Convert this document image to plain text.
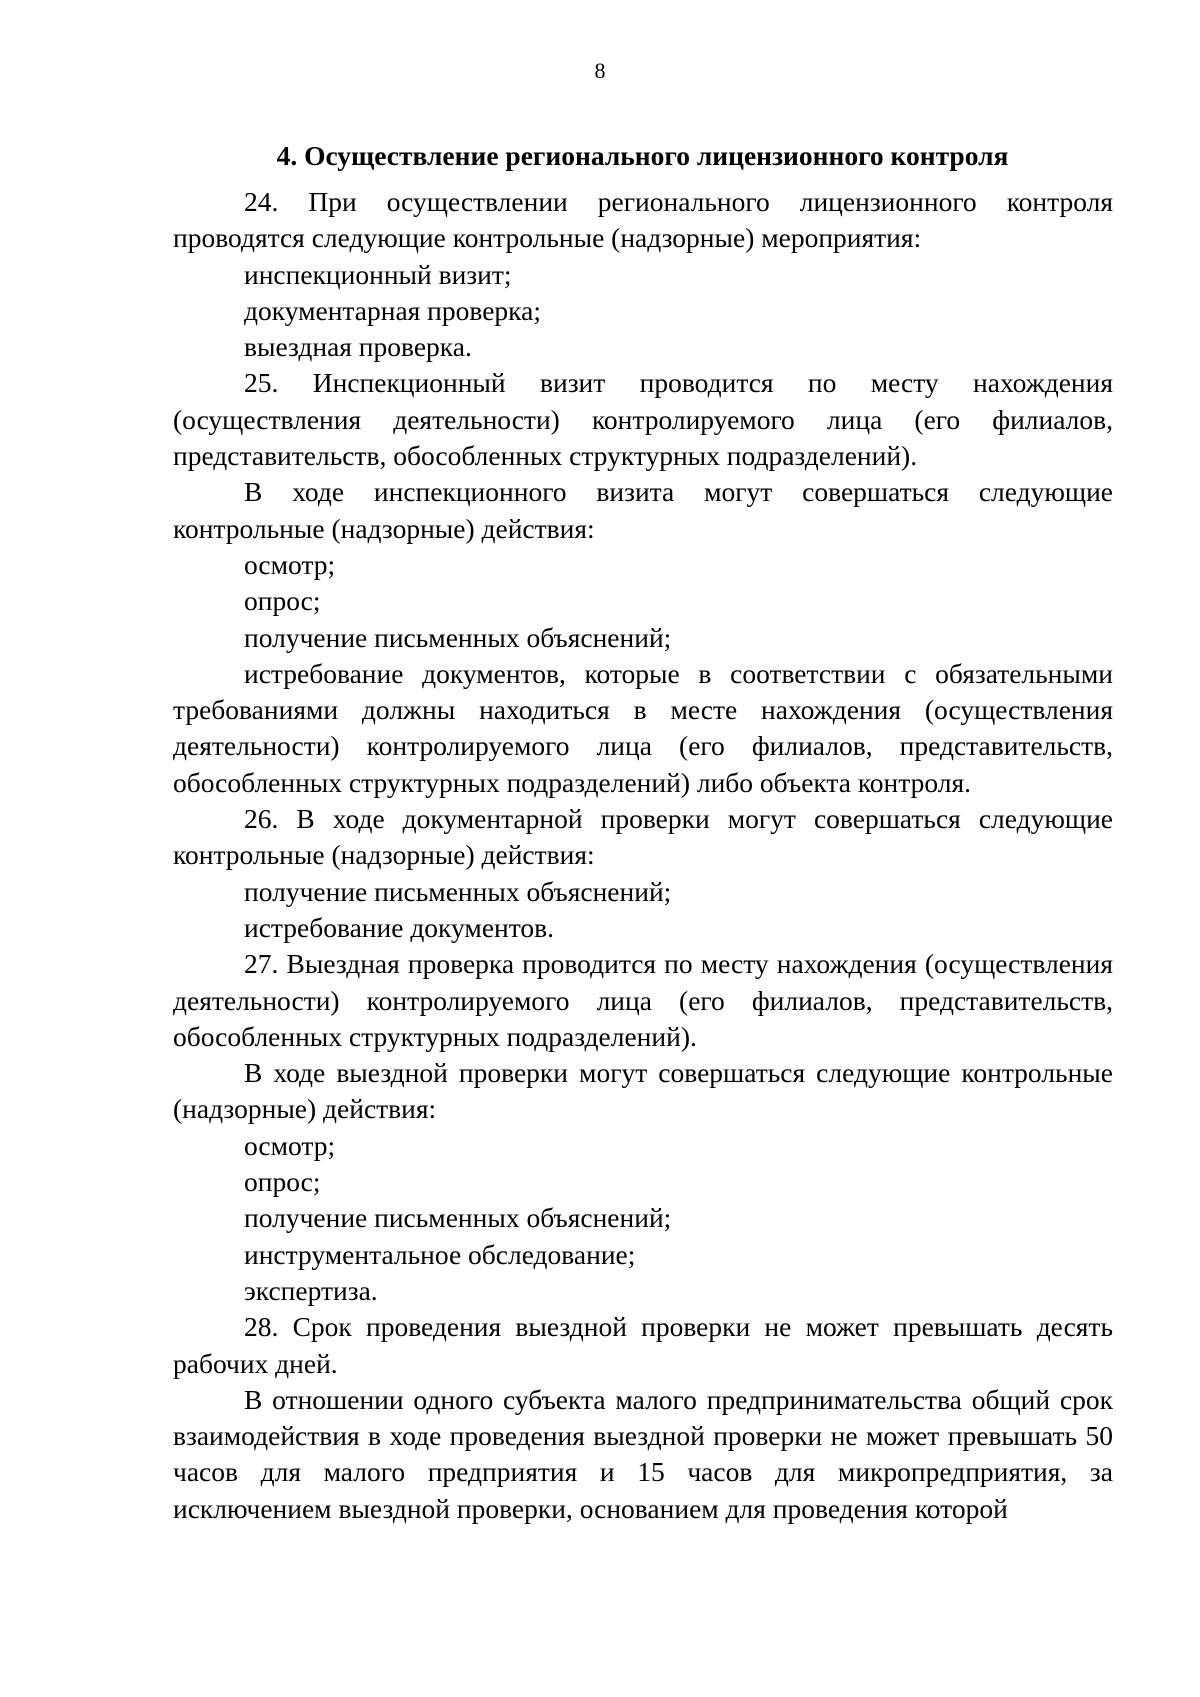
8
4. Осуществление регионального лицензионного контроля

24. При осуществлении регионального лицензионного контроля проводятся следующие контрольные (надзорные) мероприятия:

инспекционный визит;

документарная проверка;

выездная проверка.

25. Инспекционный визит проводится по месту нахождения (осуществления деятельности) контролируемого лица (его филиалов, представительств, обособленных структурных подразделений).

В ходе инспекционного визита могут совершаться следующие контрольные (надзорные) действия:

осмотр;

опрос;

получение письменных объяснений;

истребование документов, которые в соответствии с обязательными требованиями должны находиться в месте нахождения (осуществления деятельности) контролируемого лица (его филиалов, представительств, обособленных структурных подразделений) либо объекта контроля.

26. В ходе документарной проверки могут совершаться следующие контрольные (надзорные) действия:

получение письменных объяснений;

истребование документов.

27. Выездная проверка проводится по месту нахождения (осуществления деятельности) контролируемого лица (его филиалов, представительств, обособленных структурных подразделений).

В ходе выездной проверки могут совершаться следующие контрольные (надзорные) действия:

осмотр;

опрос;

получение письменных объяснений;

инструментальное обследование;

экспертиза.

28. Срок проведения выездной проверки не может превышать десять рабочих дней.

В отношении одного субъекта малого предпринимательства общий срок взаимодействия в ходе проведения выездной проверки не может превышать 50 часов для малого предприятия и 15 часов для микропредприятия, за исключением выездной проверки, основанием для проведения которой
